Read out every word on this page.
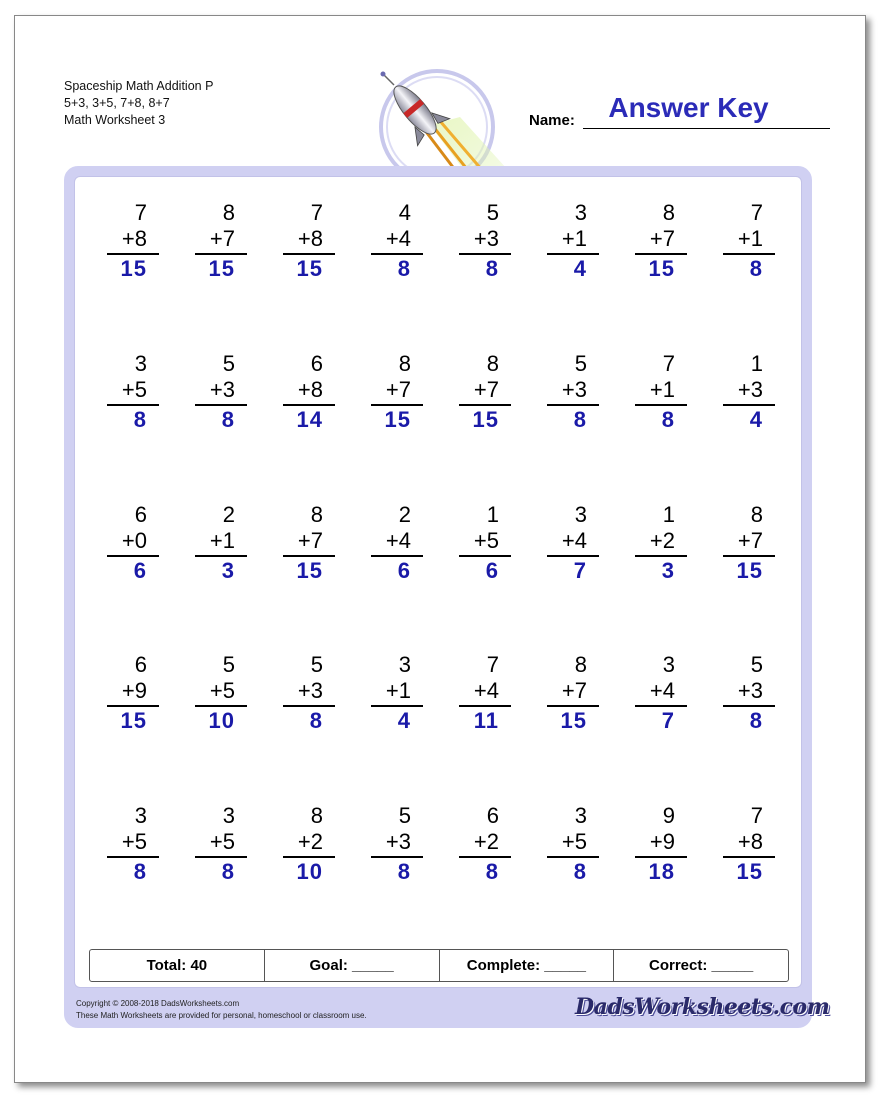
Spaceship Math Addition P
5+3, 3+5, 7+8, 8+7
Math Worksheet 3	Name:	Answer Key
7
+8
15
8
+7
15
7
+8
15
4
+4
8
5
+3
8
3
+1
4
8
+7
15
7
+1
8
3
+5
8
5
+3
8
6
+8
14
8
+7
15
8
+7
15
5
+3
8
7
+1
8
1
+3
4
6
+0
6
2
+1
3
8
+7
15
2
+4
6
1
+5
6
3
+4
7
1
+2
3
8
+7
15
6
+9
15
5
+5
10
5
+3
8
3
+1
4
7
+4
11
8
+7
15
3
+4
7
5
+3
8
3
+5
8
3
+5
8
8
+2
10
5
+3
8
6
+2
8
3
+5
8
9
+9
18
7
+8
15
Total: 40	Goal: _____	Complete: _____	Correct: _____
Copyright © 2008-2018 DadsWorksheets.com
These Math Worksheets are provided for personal, homeschool or classroom use.	DadsWorksheets.com
